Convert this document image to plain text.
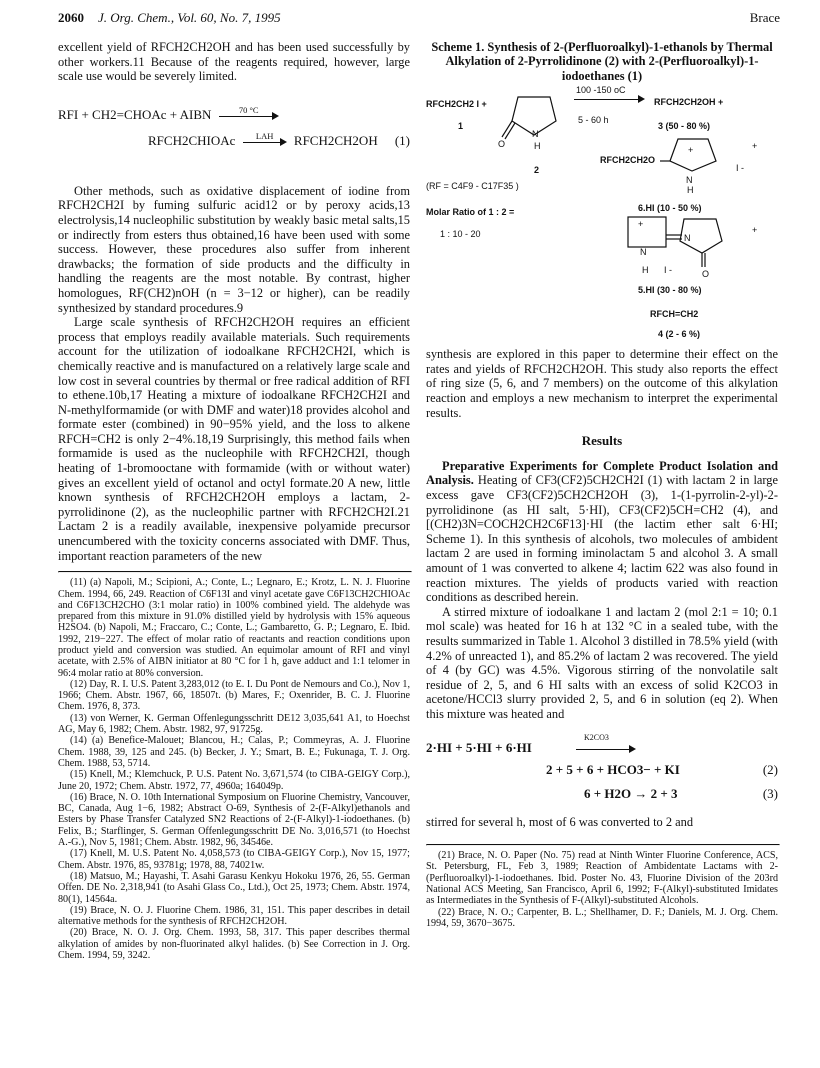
2060 J. Org. Chem., Vol. 60, No. 7, 1995	Brace

excellent yield of RFCH2CH2OH and has been used successfully by other workers.11 Because of the reagents required, however, large scale use would be severely limited.

RFI + CH2=CHOAc + AIBN	70 °C
RFCH2CHIOAc	LAH	RFCH2CH2OH (1)

Other methods, such as oxidative displacement of iodine from RFCH2CH2I by fuming sulfuric acid12 or by peroxy acids,13 electrolysis,14 nucleophilic substitution by weakly basic metal salts,15 or indirectly from esters thus obtained,16 have been used with some success. However, these procedures also suffer from inherent drawbacks; the formation of side products and the difficulty in handling the reagents are the most notable. By contrast, higher homologues, RF(CH2)nOH (n = 3−12 or higher), can be readily synthesized by standard procedures.9

Large scale synthesis of RFCH2CH2OH requires an efficient process that employs readily available materials. Such requirements account for the utilization of iodoalkane RFCH2CH2I, which is chemically reactive and is manufactured on a relatively large scale and low cost in several countries by thermal or free radical addition of RFI to ethene.10b,17 Heating a mixture of iodoalkane RFCH2CH2I and N-methylformamide (or with DMF and water)18 provides alcohol and formate ester (combined) in 90−95% yield, and the loss to alkene RFCH=CH2 is only 2−4%.18,19 Surprisingly, this method fails when formamide is used as the nucleophile with RFCH2CH2I, though heating of 1-bromooctane with formamide (with or without water) gives an excellent yield of octanol and octyl formate.20 A new, little known synthesis of RFCH2CH2OH employs a lactam, 2-pyrrolidinone (2), as the nucleophilic partner with RFCH2CH2I.21 Lactam 2 is a readily available, inexpensive polyamide precursor unencumbered with the toxicity concerns associated with DMF. Thus, important reaction parameters of the new

(11) (a) Napoli, M.; Scipioni, A.; Conte, L.; Legnaro, E.; Krotz, L. N. J. Fluorine Chem. 1994, 66, 249. Reaction of C6F13I and vinyl acetate gave C6F13CH2CHIOAc and C6F13CH2CHO (3:1 molar ratio) in 100% combined yield. The aldehyde was prepared from this mixture in 91.0% distilled yield by hydrolysis with 15% aqueous H2SO4. (b) Napoli, M.; Fraccaro, C.; Conte, L.; Gambaretto, G. P.; Legnaro, E. Ibid. 1992, 219−227. The effect of molar ratio of reactants and reaction conditions upon product yield and conversion was studied. An equimolar amount of RFI and vinyl acetate, with 2.5% of AIBN initiator at 80 °C for 1 h, gave adduct and 1:1 telomer in 96:4 molar ratio at 80% conversion.
(12) Day, R. I. U.S. Patent 3,283,012 (to E. I. Du Pont de Nemours and Co.), Nov 1, 1966; Chem. Abstr. 1967, 66, 18507t. (b) Mares, F.; Oxenrider, B. C. J. Fluorine Chem. 1976, 8, 373.
(13) von Werner, K. German Offenlegungsschritt DE12 3,035,641 A1, to Hoechst AG, May 6, 1982; Chem. Abstr. 1982, 97, 91725g.
(14) (a) Benefice-Malouet; Blancou, H.; Calas, P.; Commeyras, A. J. Fluorine Chem. 1988, 39, 125 and 245. (b) Becker, J. Y.; Smart, B. E.; Fukunaga, T. J. Org. Chem. 1988, 53, 5714.
(15) Knell, M.; Klemchuck, P. U.S. Patent No. 3,671,574 (to CIBA-GEIGY Corp.), June 20, 1972; Chem. Abstr. 1972, 77, 4960a; 164049p.
(16) Brace, N. O. 10th International Symposium on Fluorine Chemistry, Vancouver, BC, Canada, Aug 1−6, 1982; Abstract O-69, Synthesis of 2-(F-Alkyl)ethanols and Esters by Phase Transfer Catalyzed SN2 Reactions of 2-(F-Alkyl)-1-iodoethanes. (b) Felix, B.; Starflinger, S. German Offenlegungsschritt DE No. 3,016,571 (to Hoechst A.-G.), Nov 5, 1981; Chem. Abstr. 1982, 96, 34546e.
(17) Knell, M. U.S. Patent No. 4,058,573 (to CIBA-GEIGY Corp.), Nov 15, 1977; Chem. Abstr. 1976, 85, 93781g; 1978, 88, 74021w.
(18) Matsuo, M.; Hayashi, T. Asahi Garasu Kenkyu Hokoku 1976, 26, 55. German Offen. DE No. 2,318,941 (to Asahi Glass Co., Ltd.), Oct 25, 1973; Chem. Abstr. 1974, 80(1), 14564a.
(19) Brace, N. O. J. Fluorine Chem. 1986, 31, 151. This paper describes in detail alternative methods for the synthesis of RFCH2CH2OH.
(20) Brace, N. O. J. Org. Chem. 1993, 58, 317. This paper describes thermal alkylation of amides by non-fluorinated alkyl halides. (b) See Correction in J. Org. Chem. 1994, 59, 3242.
Scheme 1. Synthesis of 2-(Perfluoroalkyl)-1-ethanols by Thermal Alkylation of 2-Pyrrolidinone (2) with 2-(Perfluoroalkyl)-1-iodoethanes (1)
RFCH2CH2 I +
1
O
N
H
2
100 -150 oC
5 - 60 h
RFCH2CH2OH +
3 (50 - 80 %)
(RF = C4F9 - C17F35 )
RFCH2CH2O
+
N
H
I -
+
6.HI (10 - 50 %)
Molar Ratio of 1 : 2 =
1 : 10 - 20
+
N
H I -
N
O
+
5.HI (30 - 80 %)
RFCH=CH2
4 (2 - 6 %)

synthesis are explored in this paper to determine their effect on the rates and yields of RFCH2CH2OH. This study also reports the effect of ring size (5, 6, and 7 members) on the outcome of this alkylation reaction and employs a new mechanism to interpret the experimental results.

Results

Preparative Experiments for Complete Product Isolation and Analysis. Heating of CF3(CF2)5CH2CH2I (1) with lactam 2 in large excess gave CF3(CF2)5CH2CH2OH (3), 1-(1-pyrrolin-2-yl)-2-pyrrolidinone (as HI salt, 5·HI), CF3(CF2)5CH=CH2 (4), and [(CH2)3N=COCH2CH2C6F13]·HI (the lactim ether salt 6·HI; Scheme 1). In this synthesis of alcohols, two molecules of ambident lactam 2 are used in forming iminolactam 5 and alcohol 3. A small amount of 1 was converted to alkene 4; lactim 622 was also found in reaction mixtures. The yields of products varied with reaction conditions as described herein.

A stirred mixture of iodoalkane 1 and lactam 2 (mol 2:1 = 10; 0.1 mol scale) was heated for 16 h at 132 °C in a sealed tube, with the results summarized in Table 1. Alcohol 3 distilled in 78.5% yield (with 4.2% of unreacted 1), and 85.2% of lactam 2 was recovered. The yield of 4 (by GC) was 4.5%. Vigorous stirring of the nonvolatile salt residue of 2, 5, and 6 HI salts with an excess of solid K2CO3 in acetone/HCCl3 slurry provided 2, 5, and 6 in solution (eq 2). When this mixture was heated and

2·HI + 5·HI + 6·HI
K2CO3
2 + 5 + 6 + HCO3− + KI	(2)
6 + H2O → 2 + 3	(3)

stirred for several h, most of 6 was converted to 2 and

(21) Brace, N. O. Paper (No. 75) read at Ninth Winter Fluorine Conference, ACS, St. Petersburg, FL, Feb 3, 1989; Reaction of Ambidentate Lactams with 2-(Perfluoroalkyl)-1-iodoethanes. Ibid. Poster No. 43, Fluorine Division of the 203rd National ACS Meeting, San Francisco, April 6, 1992; F-(Alkyl)-substituted Imidates as Intermediates in the Synthesis of F-(Alkyl)-substituted Alcohols.
(22) Brace, N. O.; Carpenter, B. L.; Shellhamer, D. F.; Daniels, M. J. Org. Chem. 1994, 59, 3670−3675.
